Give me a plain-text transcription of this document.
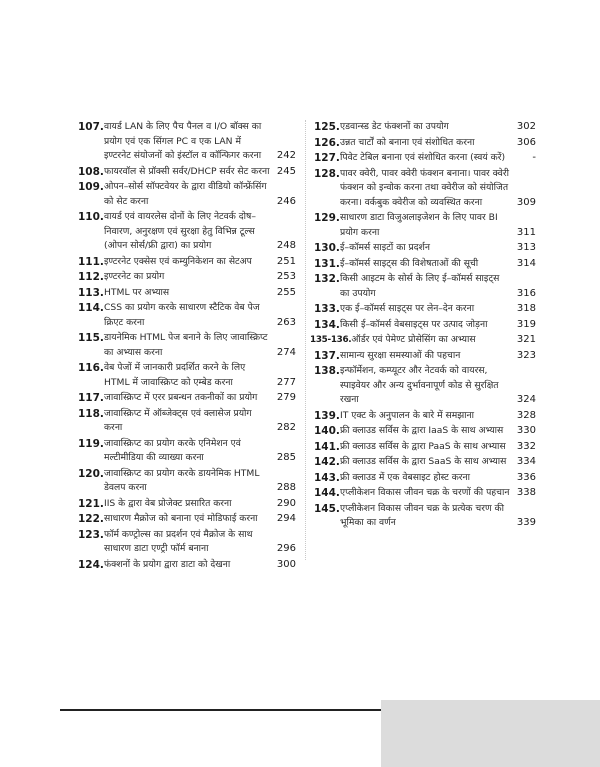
107. वायर्ड LAN के लिए पैच पैनल व I/O बॉक्स का प्रयोग एवं एक सिंगल PC व एक LAN में इण्टरनेट संयोजनों को इंस्टॉल व कॉन्फिगर करना	242
108. फायरवॉल से प्रॉक्सी सर्वर/DHCP सर्वर सेट करना 245
109. ओपन–सोर्स सॉफ्टवेयर के द्वारा वीडियो कॉन्फ्रेंसिंग को सेट करना	246
110. वायर्ड एवं वायरलेस दोनों के लिए नेटवर्क दोष–निवारण, अनुरक्षण एवं सुरक्षा हेतु विभिन्न टूल्स (ओपन सोर्स/फ्री द्वारा) का प्रयोग	248
111. इण्टरनेट एक्सेस एवं कम्युनिकेशन का सेटअप	251
112. इण्टरनेट का प्रयोग	253
113. HTML पर अभ्यास	255
114. CSS का प्रयोग करके साधारण स्टैटिक वेब पेज क्रिएट करना	263
115. डायनेमिक HTML पेज बनाने के लिए जावास्क्रिप्ट का अभ्यास करना	274
116. वेब पेजों में जानकारी प्रदर्शित करने के लिए HTML में जावास्क्रिप्ट को एम्बेड करना	277
117. जावास्क्रिप्ट में एरर प्रबन्धन तकनीकों का प्रयोग	279
118. जावास्क्रिप्ट में ऑब्जेक्ट्स एवं क्लासेज प्रयोग करना	282
119. जावास्क्रिप्ट का प्रयोग करके एनिमेशन एवं मल्टीमीडिया की व्याख्या करना	285
120. जावास्क्रिप्ट का प्रयोग करके डायनेमिक HTML डेवलप करना	288
121. IIS के द्वारा वेब प्रोजेक्ट प्रसारित करना	290
122. साधारण मैक्रोज को बनाना एवं मोडिफाई करना	294
123. फॉर्म कण्ट्रोल्स का प्रदर्शन एवं मैक्रोज के साथ साधारण डाटा एण्ट्री फॉर्म बनाना	296
124. फंक्शनों के प्रयोग द्वारा डाटा को देखना	300
125. एडवान्स्ड डेट फंक्शनों का उपयोग	302
126. उन्नत चार्टों को बनाना एवं संशोधित करना	306
127. पिवेट टेबिल बनाना एवं संशोधित करना (स्वयं करें)	-
128. पावर क्वेरी, पावर क्वेरी फंक्शन बनाना। पावर क्वेरी फंक्शन को इन्वोक करना तथा क्वेरीज को संयोजित करना। वर्कबुक क्वेरीज को व्यवस्थित करना	309
129. साधारण डाटा विजुअलाइजेशन के लिए पावर BI प्रयोग करना	311
130. ई–कॉमर्स साइटों का प्रदर्शन	313
131. ई–कॉमर्स साइट्स की विशेषताओं की सूची	314
132. किसी आइटम के सोर्स के लिए ई–कॉमर्स साइट्स का उपयोग	316
133. एक ई–कॉमर्स साइट्स पर लेन–देन करना	318
134. किसी ई–कॉमर्स वेबसाइट्स पर उत्पाद जोड़ना	319
135-136. ऑर्डर एवं पेमेण्ट प्रोसेसिंग का अभ्यास	321
137. सामान्य सुरक्षा समस्याओं की पहचान	323
138. इन्फॉर्मेशन, कम्प्यूटर और नेटवर्क को वायरस, स्पाइवेयर और अन्य दुर्भावनापूर्ण कोड से सुरक्षित रखना	324
139. IT एक्ट के अनुपालन के बारे में समझाना	328
140. फ्री क्लाउड सर्विस के द्वारा IaaS के साथ अभ्यास	330
141. फ्री क्लाउड सर्विस के द्वारा PaaS के साथ अभ्यास	332
142. फ्री क्लाउड सर्विस के द्वारा SaaS के साथ अभ्यास	334
143. फ्री क्लाउड में एक वेबसाइट होस्ट करना	336
144. एप्लीकेशन विकास जीवन चक्र के चरणों की पहचान 338
145. एप्लीकेशन विकास जीवन चक्र के प्रत्येक चरण की भूमिका का वर्णन	339
